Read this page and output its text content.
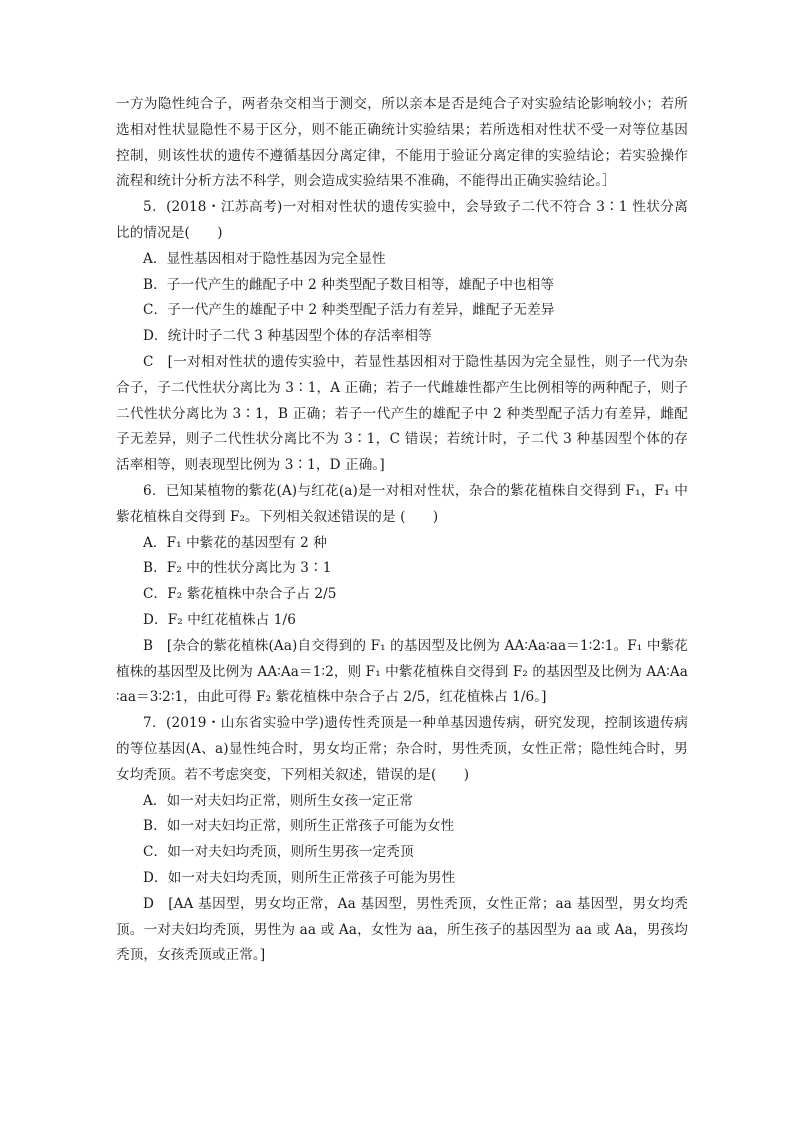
一方为隐性纯合子，两者杂交相当于测交，所以亲本是否是纯合子对实验结论影响较小；若所选相对性状显隐性不易于区分，则不能正确统计实验结果；若所选相对性状不受一对等位基因控制，则该性状的遗传不遵循基因分离定律，不能用于验证分离定律的实验结论；若实验操作流程和统计分析方法不科学，则会造成实验结果不准确，不能得出正确实验结论。］

5．(2018・江苏高考)一对相对性状的遗传实验中，会导致子二代不符合 3∶1 性状分离比的情况是(　　)

A．显性基因相对于隐性基因为完全显性

B．子一代产生的雌配子中 2 种类型配子数目相等，雄配子中也相等

C．子一代产生的雄配子中 2 种类型配子活力有差异，雌配子无差异

D．统计时子二代 3 种基因型个体的存活率相等

C　[一对相对性状的遗传实验中，若显性基因相对于隐性基因为完全显性，则子一代为杂合子，子二代性状分离比为 3∶1，A 正确；若子一代雌雄性都产生比例相等的两种配子，则子二代性状分离比为 3∶1，B 正确；若子一代产生的雄配子中 2 种类型配子活力有差异，雌配子无差异，则子二代性状分离比不为 3∶1，C 错误；若统计时，子二代 3 种基因型个体的存活率相等，则表现型比例为 3∶1，D 正确。]

6．已知某植物的紫花(A)与红花(a)是一对相对性状，杂合的紫花植株自交得到 F₁，F₁ 中紫花植株自交得到 F₂。下列相关叙述错误的是 (　　)

A．F₁ 中紫花的基因型有 2 种

B．F₂ 中的性状分离比为 3∶1

C．F₂ 紫花植株中杂合子占 2/5

D．F₂ 中红花植株占 1/6

B　[杂合的紫花植株(Aa)自交得到的 F₁ 的基因型及比例为 AA∶Aa∶aa＝1∶2∶1。F₁ 中紫花植株的基因型及比例为 AA∶Aa＝1∶2，则 F₁ 中紫花植株自交得到 F₂ 的基因型及比例为 AA∶Aa∶aa＝3∶2∶1，由此可得 F₂ 紫花植株中杂合子占 2/5，红花植株占 1/6。]

7．(2019・山东省实验中学)遗传性秃顶是一种单基因遗传病，研究发现，控制该遗传病的等位基因(A、a)显性纯合时，男女均正常；杂合时，男性秃顶，女性正常；隐性纯合时，男女均秃顶。若不考虑突变，下列相关叙述，错误的是(　　)

A．如一对夫妇均正常，则所生女孩一定正常

B．如一对夫妇均正常，则所生正常孩子可能为女性

C．如一对夫妇均秃顶，则所生男孩一定秃顶

D．如一对夫妇均秃顶，则所生正常孩子可能为男性

D　[AA 基因型，男女均正常，Aa 基因型，男性秃顶，女性正常；aa 基因型，男女均秃顶。一对夫妇均秃顶，男性为 aa 或 Aa，女性为 aa，所生孩子的基因型为 aa 或 Aa，男孩均秃顶，女孩秃顶或正常。]
